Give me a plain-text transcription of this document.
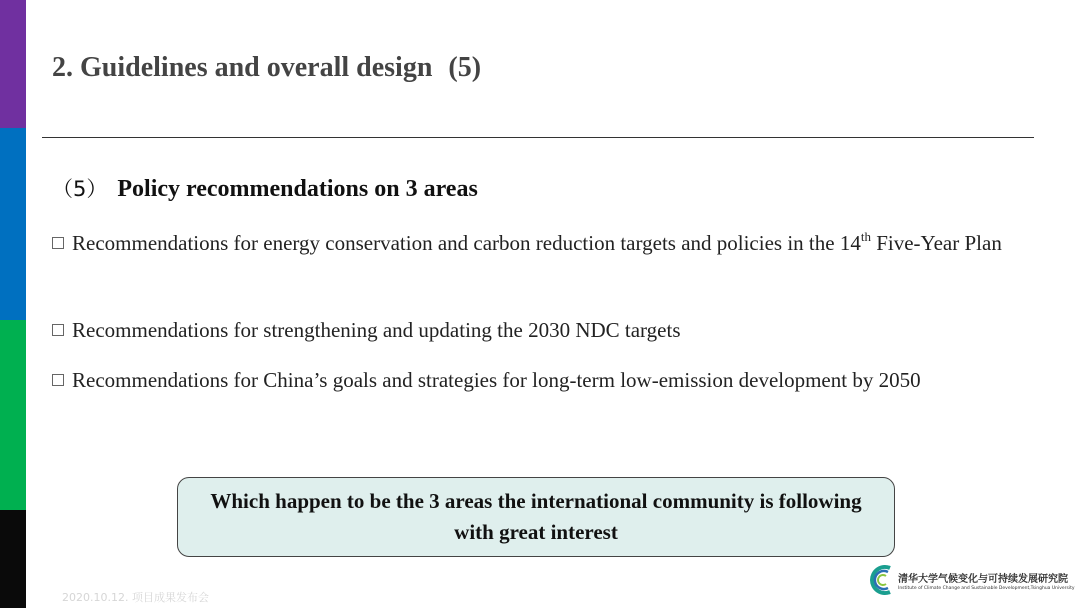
2. Guidelines and overall design (5)
（5） Policy recommendations on 3 areas
Recommendations for energy conservation and carbon reduction targets and policies in the 14th Five-Year Plan
Recommendations for strengthening and updating the 2030 NDC targets
Recommendations for China’s goals and strategies for long-term low-emission development by 2050
Which happen to be the 3 areas the international community is following with great interest
2020.10.12. 项目成果发布会
清华大学气候变化与可持续发展研究院
Institute of Climate Change and Sustainable Development,Tsinghua University
